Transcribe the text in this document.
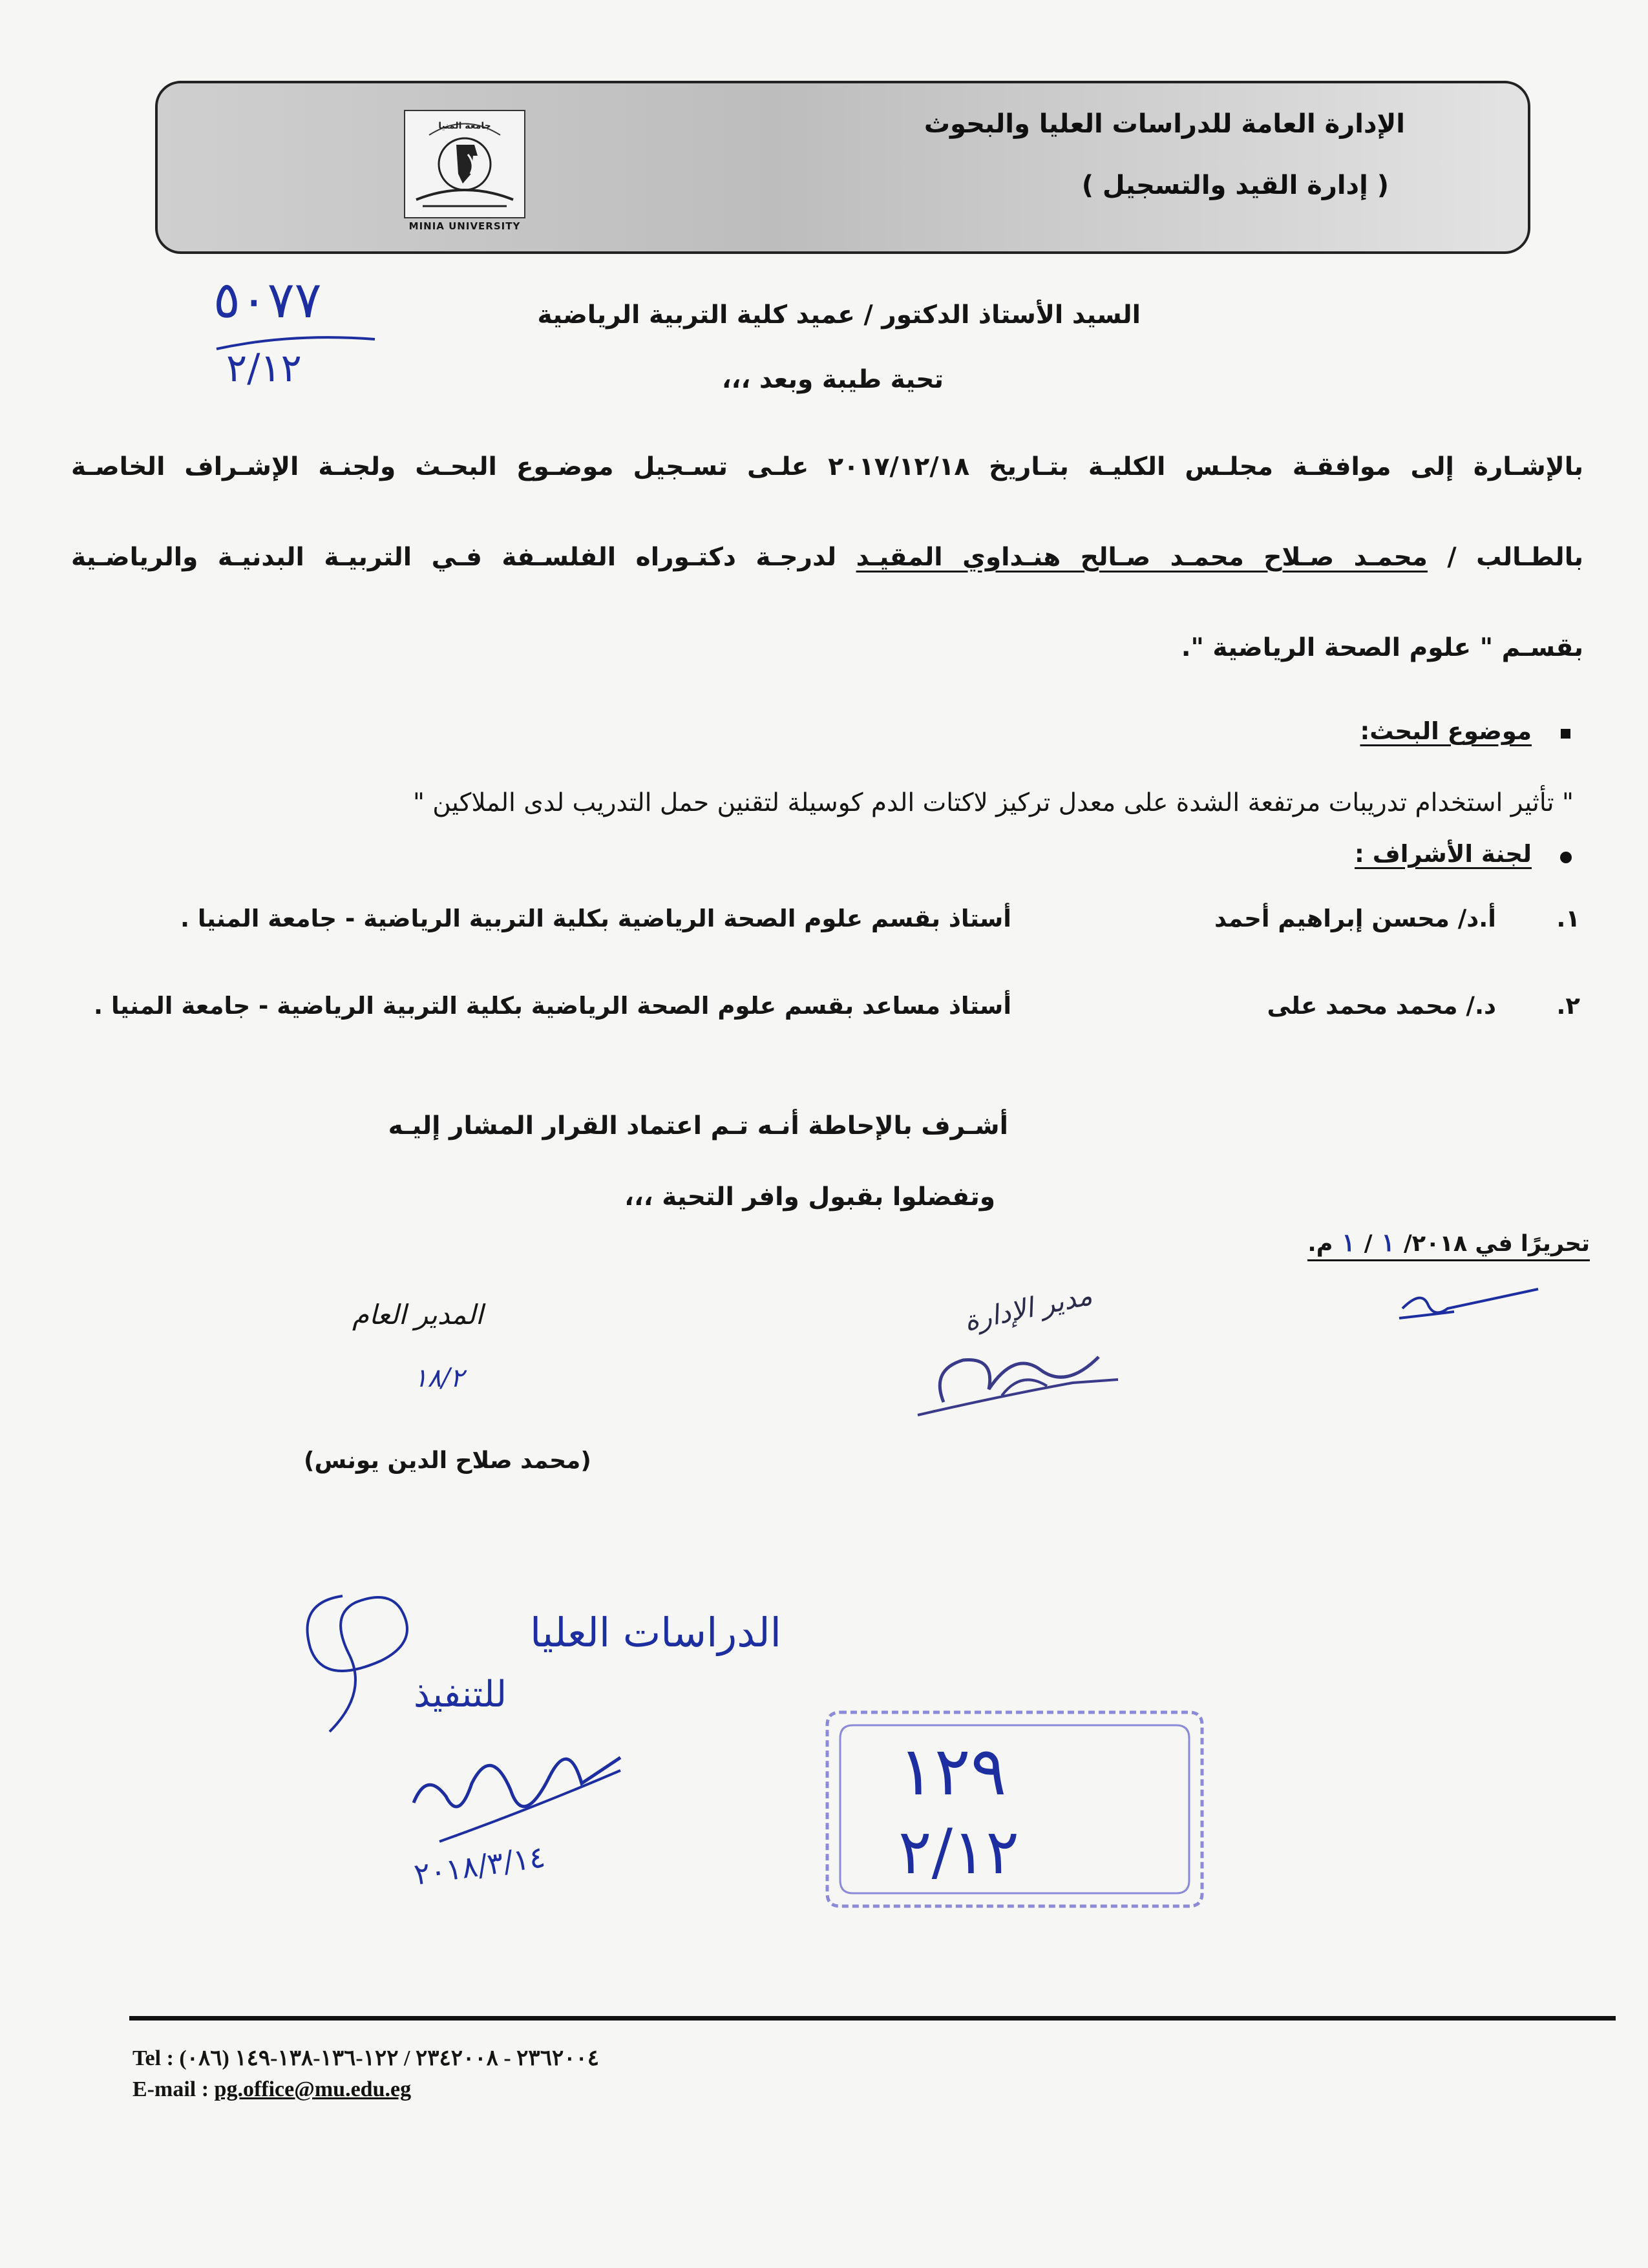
الإدارة العامة للدراسات العليا والبحوث
( إدارة القيد والتسجيل )
جامعة المنيا
MINIA UNIVERSITY
٥٠٧٧
٢/١٢
السيد الأستاذ الدكتور / عميد كلية التربية الرياضية
تحية طيبة وبعد ،،،
بالإشـارة إلى موافقـة مجلـس الكليـة بتـاريخ ٢٠١٧/١٢/١٨ علـى تسـجيل موضـوع البحـث ولجنـة الإشـراف الخاصـة
بالطـالب / محمـد صـلاح محمـد صـالح هنـداوي المقيـد لدرجـة دكتـوراه الفلسـفة فـي التربيـة البدنيـة والرياضـية
بقسـم " علوم الصحة الرياضية ".
موضوع البحث:
" تأثير استخدام تدريبات مرتفعة الشدة على معدل تركيز لاكتات الدم كوسيلة لتقنين حمل التدريب لدى الملاكين "
لجنة الأشراف :
.١
أ.د/ محسن إبراهيم أحمد
أستاذ بقسم علوم الصحة الرياضية بكلية التربية الرياضية - جامعة المنيا .
.٢
د./ محمد محمد على
أستاذ مساعد بقسم علوم الصحة الرياضية بكلية التربية الرياضية - جامعة المنيا .
أشـرف بالإحاطة أنـه تـم اعتماد القرار المشار إليـه
وتفضلوا بقبول وافر التحية ،،،
تحريرًا في ١ / ١/٢٠١٨م.
مدير الإدارة
المدير العام
١٨/٢
(محمد صلاح الدين يونس)
الدراسات العليا
للتنفيذ
٢٠١٨/٣/١٤
١٢٩
٢/١٢
Tel : (٠٨٦) ٢٣٦٢٠٠٤ - ٢٣٤٢٠٠٨ / ١٢٢-١٣٦-١٣٨-١٤٩
E-mail : pg.office@mu.edu.eg
